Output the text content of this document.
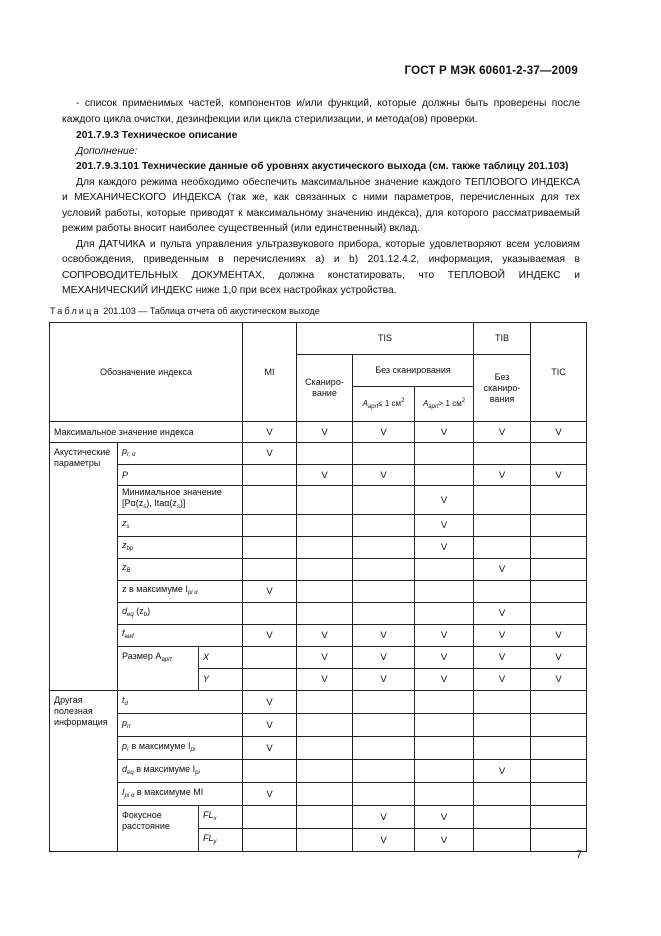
ГОСТ Р МЭК 60601-2-37—2009

- список применимых частей, компонентов и/или функций, которые должны быть проверены после каждого цикла очистки, дезинфекции или цикла стерилизации, и метода(ов) проверки.

201.7.9.3 Техническое описание

Дополнение:

201.7.9.3.101 Технические данные об уровнях акустического выхода (см. также таблицу 201.103)

Для каждого режима необходимо обеспечить максимальное значение каждого ТЕПЛОВОГО ИНДЕКСА и МЕХАНИЧЕСКОГО ИНДЕКСА (так же, как связанных с ними параметров, перечисленных для тех условий работы, которые приводят к максимальному значению индекса), для которого рассматриваемый режим работы вносит наиболее существенный (или единственный) вклад.

Для ДАТЧИКА и пульта управления ультразвукового прибора, которые удовлетворяют всем условиям освобождения, приведенным в перечислениях а) и b) 201.12.4.2, информация, указываемая в СОПРОВОДИТЕЛЬНЫХ ДОКУМЕНТАХ, должна констатировать, что ТЕПЛОВОЙ ИНДЕКС и МЕХАНИЧЕСКИЙ ИНДЕКС ниже 1,0 при всех настройках устройства.

Таблица 201.103 — Таблица отчета об акустическом выходе
Обозначение индекса			MI	TIS			TIB	TIC
				Сканиро-вание	Без сканирования		Без сканиро-вания	
					$A_{aprt}\le 1$ $см^2$	$A_{aprt}> 1$ $см^2$
Максимальное значение индекса			V	V	V	V	V	V
Акустические параметры	$p_{r, \alpha}$		V					
	P			V	V		V	V
	Минимальное значение
[$P\alpha(z_s)$, $Ita\alpha(z_s)$]					V		
	$z_s$					V		
	$z_{bp}$					V		
	$z_B$						V	
	z в максимуме $I_{pi \alpha}$		V					
	$d_{eq}$ $(z_b)$						V	
	$f_{awf}$		V	V	V	V	V	V
	Размер $A_{aprt}$	X		V	V	V	V	V
		Y		V	V	V	V	V
Другая полезная информация	$t_d$		V					
	$p_{rr}$		V					
	$p_r$ в максимуме $I_{pi}$		V					
	$d_{eq}$ в максимуме $I_{pi}$						V	
	$I_{pi \alpha}$ в максимуме MI		V					
	Фокусное расстояние	$FL_x$			V	V		
		$FL_y$			V	V		
7
